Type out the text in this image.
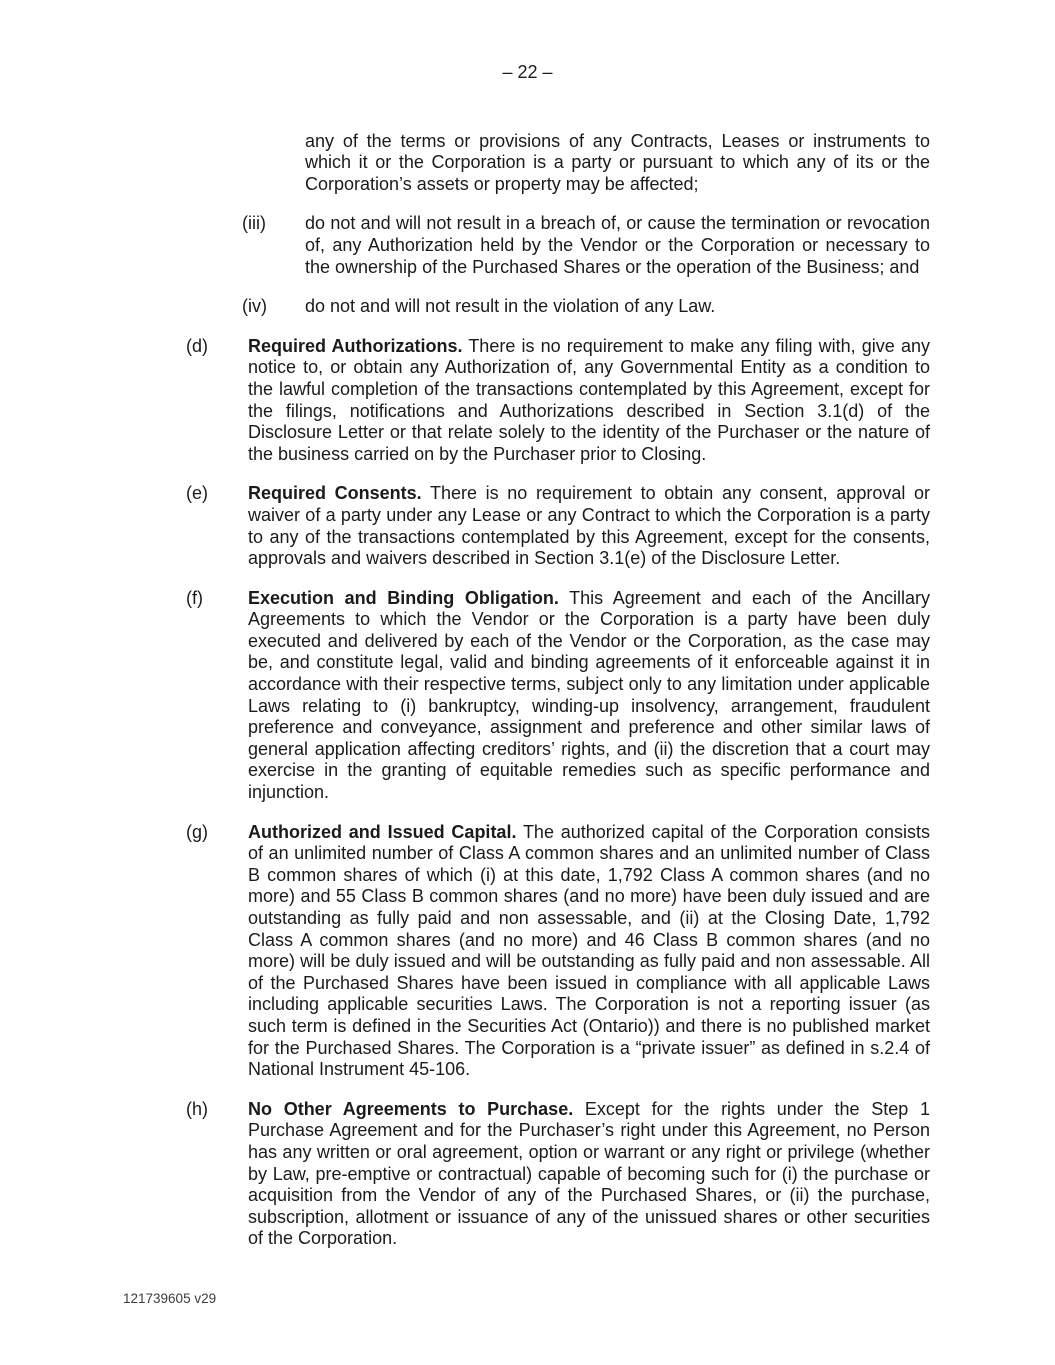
– 22 –
any of the terms or provisions of any Contracts, Leases or instruments to which it or the Corporation is a party or pursuant to which any of its or the Corporation’s assets or property may be affected;
(iii)	do not and will not result in a breach of, or cause the termination or revocation of, any Authorization held by the Vendor or the Corporation or necessary to the ownership of the Purchased Shares or the operation of the Business; and
(iv)	do not and will not result in the violation of any Law.
(d)	Required Authorizations. There is no requirement to make any filing with, give any notice to, or obtain any Authorization of, any Governmental Entity as a condition to the lawful completion of the transactions contemplated by this Agreement, except for the filings, notifications and Authorizations described in Section 3.1(d) of the Disclosure Letter or that relate solely to the identity of the Purchaser or the nature of the business carried on by the Purchaser prior to Closing.
(e)	Required Consents. There is no requirement to obtain any consent, approval or waiver of a party under any Lease or any Contract to which the Corporation is a party to any of the transactions contemplated by this Agreement, except for the consents, approvals and waivers described in Section 3.1(e) of the Disclosure Letter.
(f)	Execution and Binding Obligation. This Agreement and each of the Ancillary Agreements to which the Vendor or the Corporation is a party have been duly executed and delivered by each of the Vendor or the Corporation, as the case may be, and constitute legal, valid and binding agreements of it enforceable against it in accordance with their respective terms, subject only to any limitation under applicable Laws relating to (i) bankruptcy, winding-up insolvency, arrangement, fraudulent preference and conveyance, assignment and preference and other similar laws of general application affecting creditors’ rights, and (ii) the discretion that a court may exercise in the granting of equitable remedies such as specific performance and injunction.
(g)	Authorized and Issued Capital. The authorized capital of the Corporation consists of an unlimited number of Class A common shares and an unlimited number of Class B common shares of which (i) at this date, 1,792 Class A common shares (and no more) and 55 Class B common shares (and no more) have been duly issued and are outstanding as fully paid and non assessable, and (ii) at the Closing Date, 1,792 Class A common shares (and no more) and 46 Class B common shares (and no more) will be duly issued and will be outstanding as fully paid and non assessable. All of the Purchased Shares have been issued in compliance with all applicable Laws including applicable securities Laws. The Corporation is not a reporting issuer (as such term is defined in the Securities Act (Ontario)) and there is no published market for the Purchased Shares. The Corporation is a “private issuer” as defined in s.2.4 of National Instrument 45-106.
(h)	No Other Agreements to Purchase. Except for the rights under the Step 1 Purchase Agreement and for the Purchaser’s right under this Agreement, no Person has any written or oral agreement, option or warrant or any right or privilege (whether by Law, pre-emptive or contractual) capable of becoming such for (i) the purchase or acquisition from the Vendor of any of the Purchased Shares, or (ii) the purchase, subscription, allotment or issuance of any of the unissued shares or other securities of the Corporation.
121739605 v29
